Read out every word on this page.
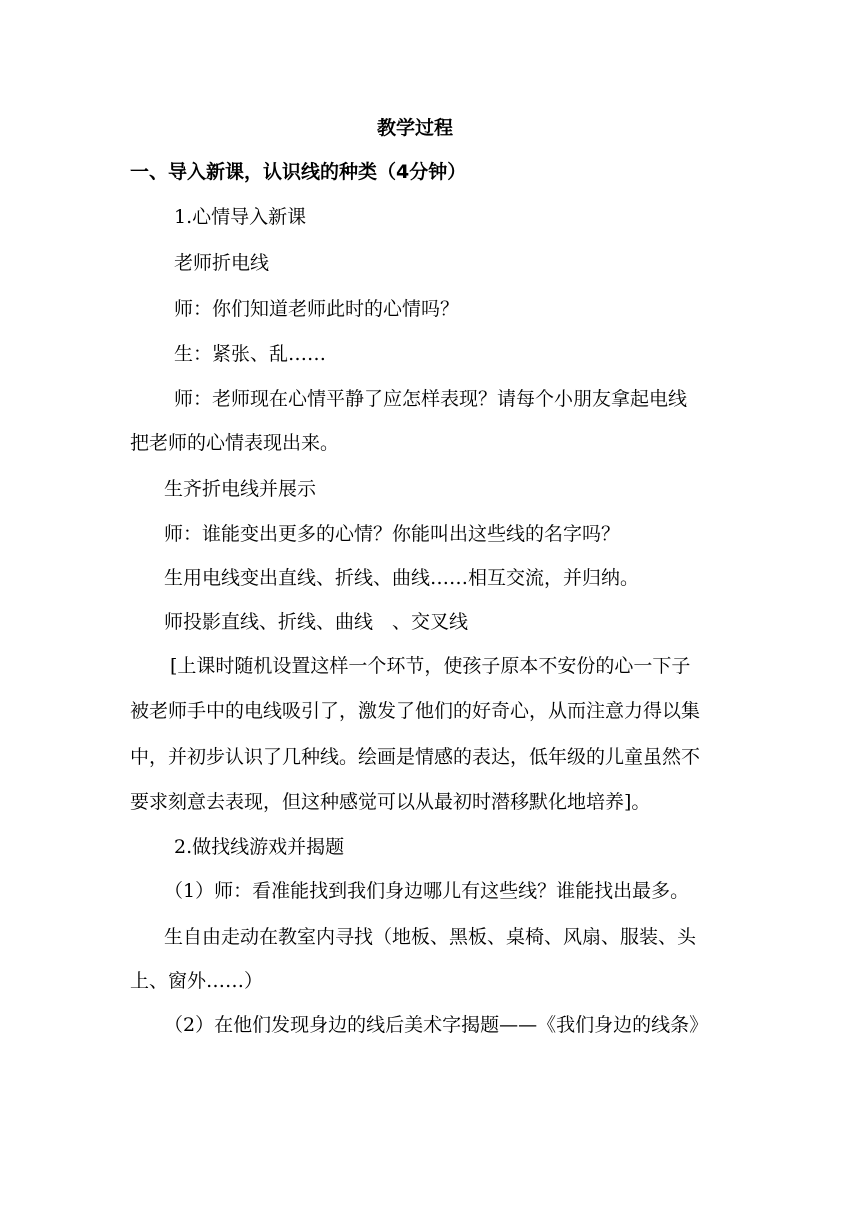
教学过程
一、导入新课，认识线的种类（4分钟）
1.心情导入新课
老师折电线
师：你们知道老师此时的心情吗？
生：紧张、乱……
师：老师现在心情平静了应怎样表现？请每个小朋友拿起电线
把老师的心情表现出来。
生齐折电线并展示
师：谁能变出更多的心情？你能叫出这些线的名字吗？
生用电线变出直线、折线、曲线……相互交流，并归纳。
师投影直线、折线、曲线　、交叉线
[上课时随机设置这样一个环节，使孩子原本不安份的心一下子
被老师手中的电线吸引了，激发了他们的好奇心，从而注意力得以集
中，并初步认识了几种线。绘画是情感的表达，低年级的儿童虽然不
要求刻意去表现，但这种感觉可以从最初时潜移默化地培养]。
2.做找线游戏并揭题
（1）师：看准能找到我们身边哪儿有这些线？谁能找出最多。
生自由走动在教室内寻找（地板、黑板、桌椅、风扇、服装、头
上、窗外……）
（2）在他们发现身边的线后美术字揭题——《我们身边的线条》
